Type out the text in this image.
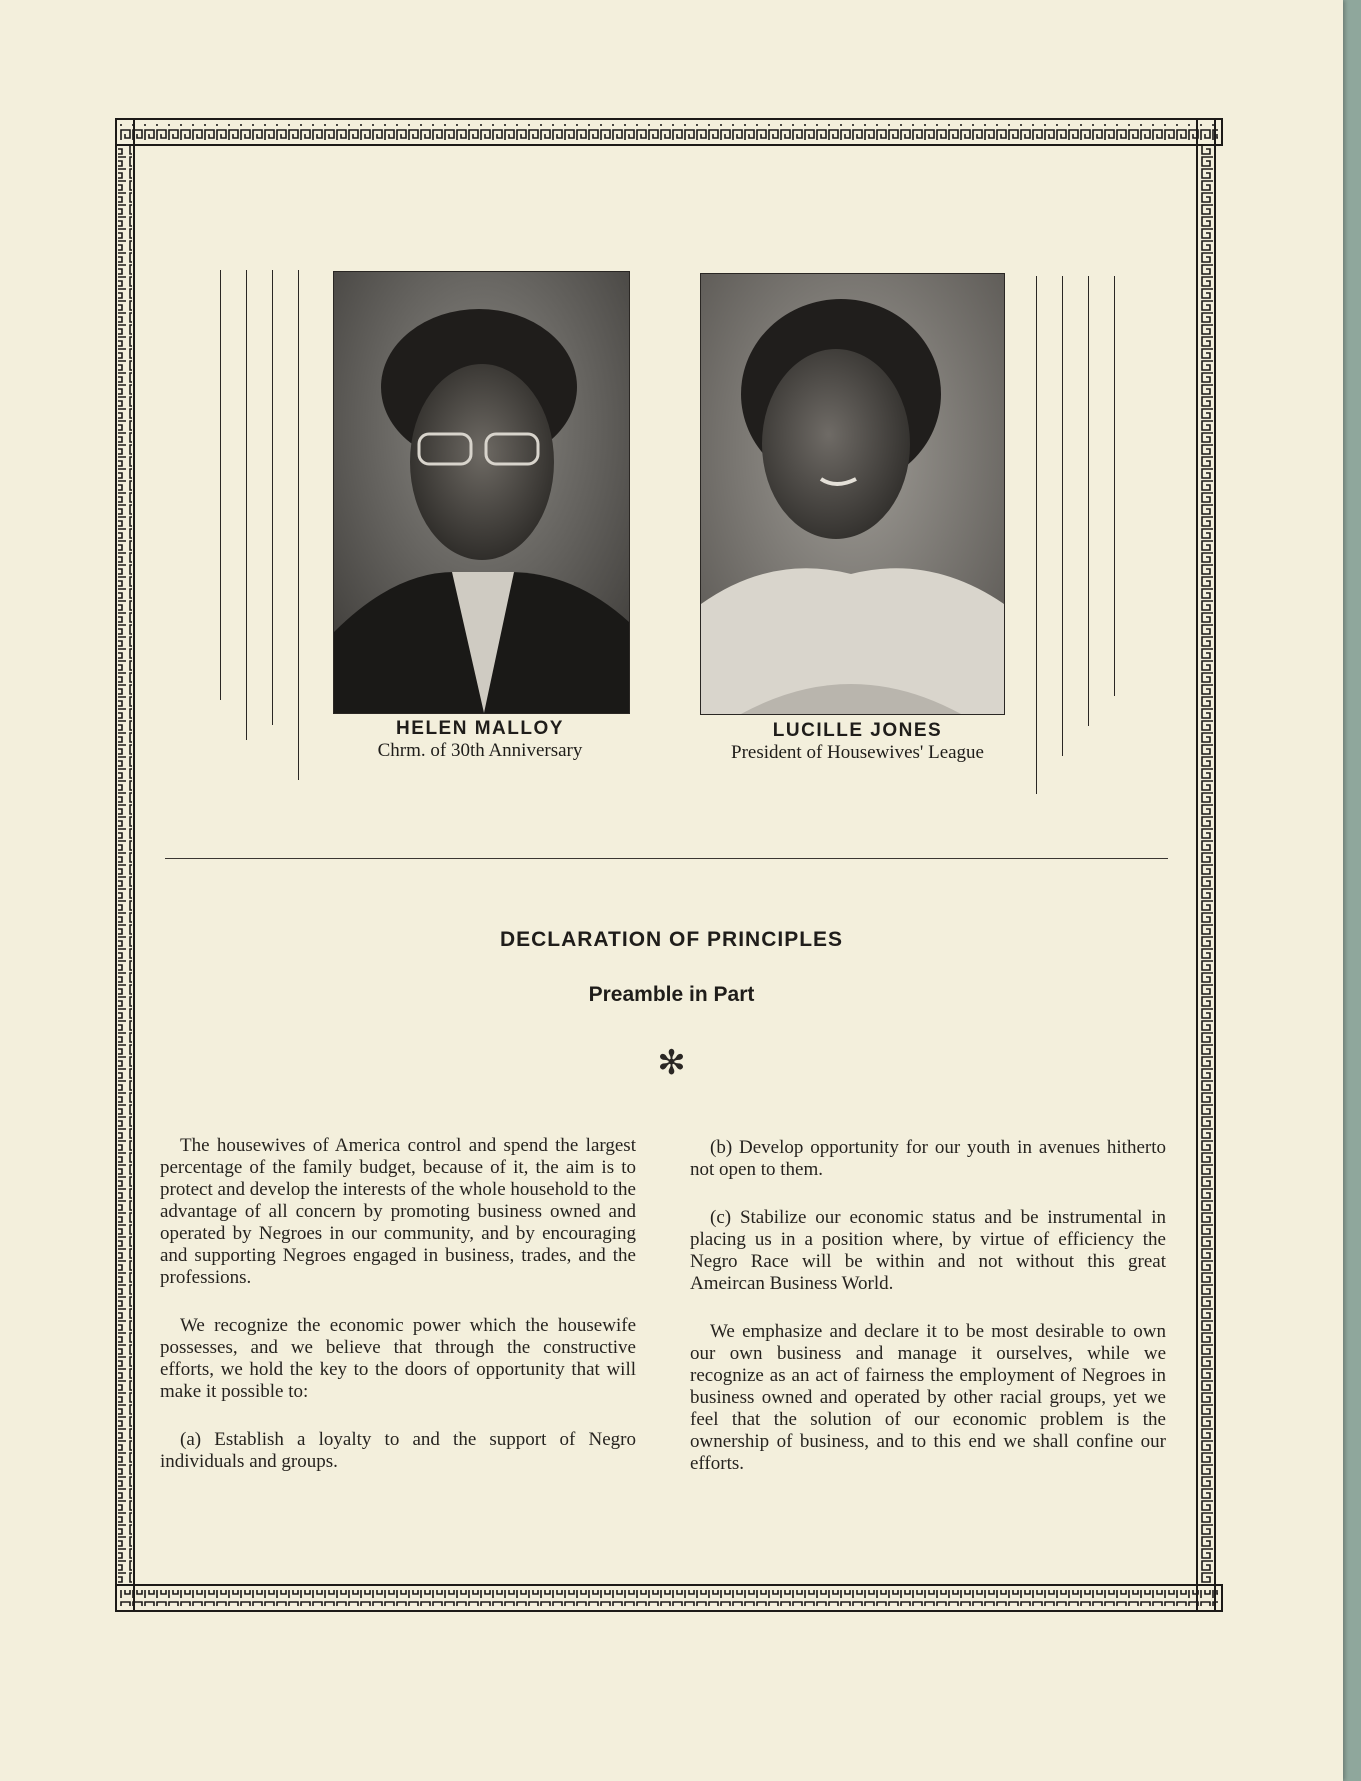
HELEN MALLOY
Chrm. of 30th Anniversary
LUCILLE JONES
President of Housewives' League
DECLARATION OF PRINCIPLES
Preamble in Part
✻

The housewives of America control and spend the largest percentage of the family budget, because of it, the aim is to protect and develop the interests of the whole household to the advantage of all concern by promoting business owned and operated by Negroes in our community, and by encouraging and supporting Negroes engaged in business, trades, and the professions.

We recognize the economic power which the housewife possesses, and we believe that through the constructive efforts, we hold the key to the doors of opportunity that will make it possible to:

(a) Establish a loyalty to and the support of Negro individuals and groups.

(b) Develop opportunity for our youth in avenues hitherto not open to them.

(c) Stabilize our economic status and be instrumental in placing us in a position where, by virtue of efficiency the Negro Race will be within and not without this great Ameircan Business World.

We emphasize and declare it to be most desirable to own our own business and manage it ourselves, while we recognize as an act of fairness the employment of Negroes in business owned and operated by other racial groups, yet we feel that the solution of our economic problem is the ownership of business, and to this end we shall confine our efforts.
